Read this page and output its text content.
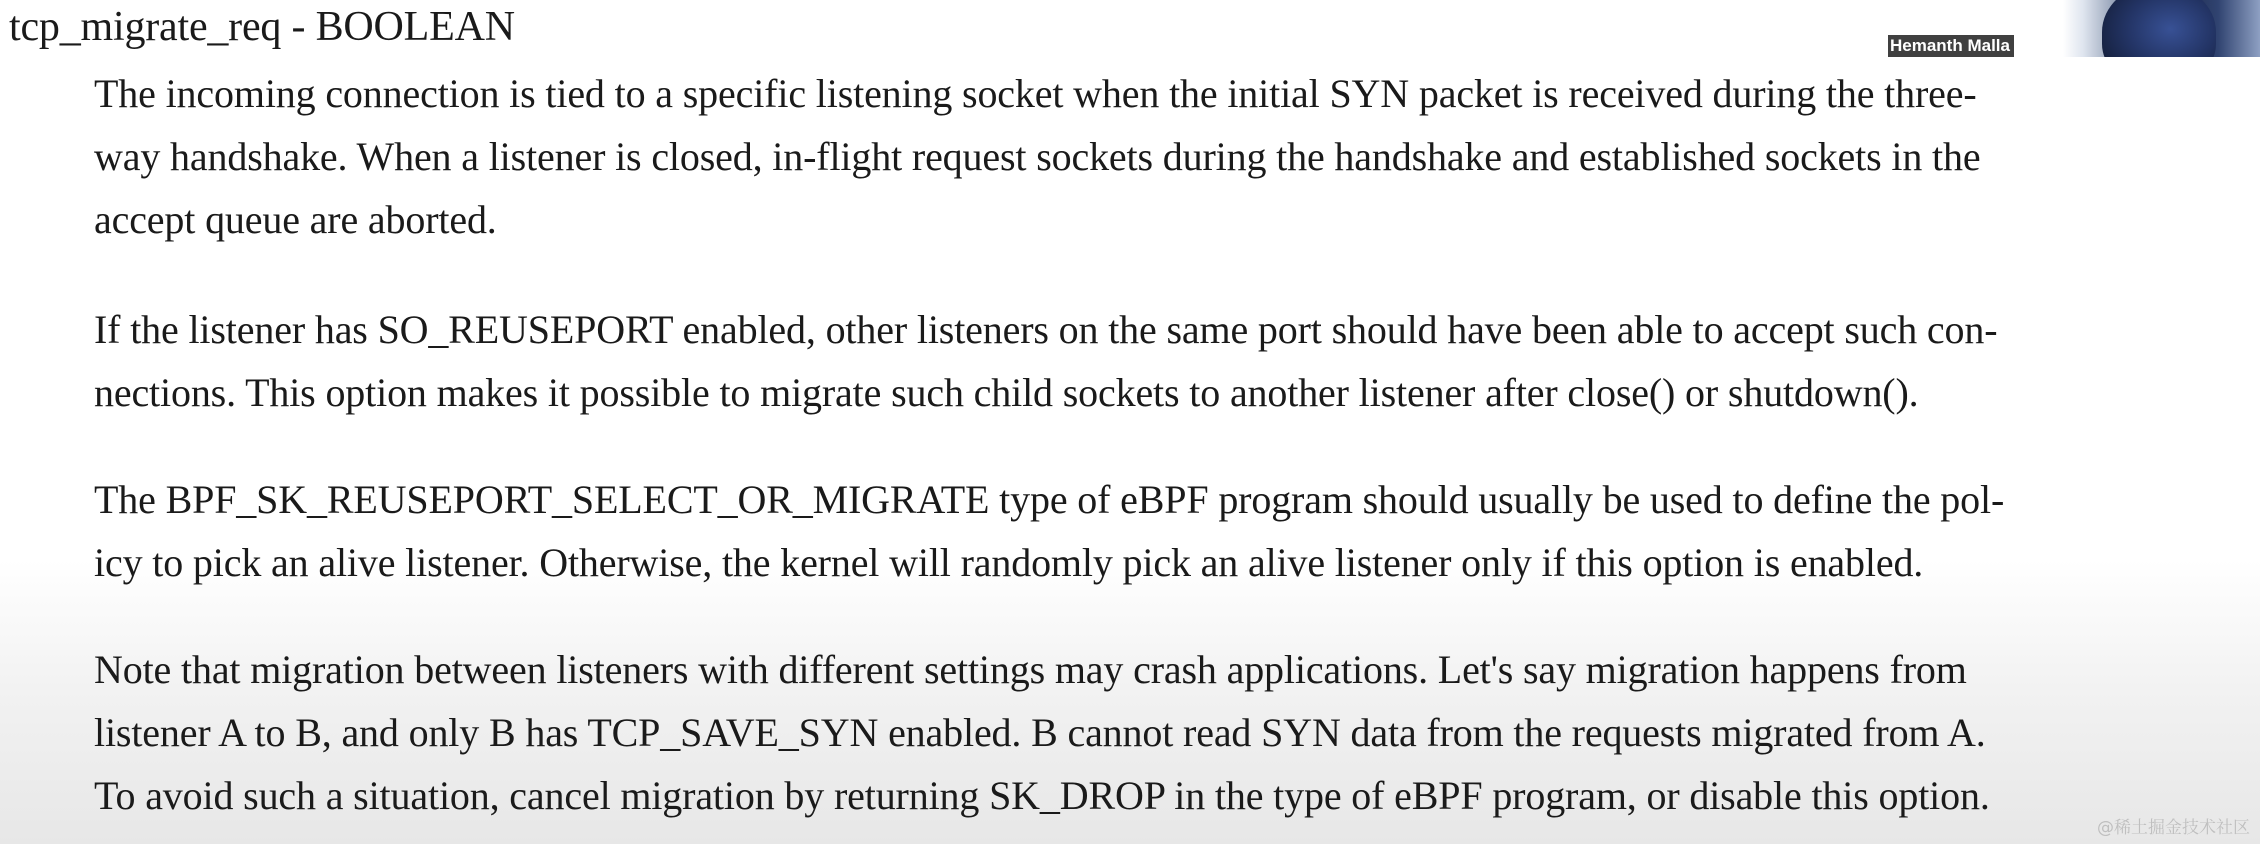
tcp_migrate_req - BOOLEAN

The incoming connection is tied to a specific listening socket when the initial SYN packet is received during the three-
way handshake. When a listener is closed, in-flight request sockets during the handshake and established sockets in the
accept queue are aborted.

If the listener has SO_REUSEPORT enabled, other listeners on the same port should have been able to accept such con-
nections. This option makes it possible to migrate such child sockets to another listener after close() or shutdown().

The BPF_SK_REUSEPORT_SELECT_OR_MIGRATE type of eBPF program should usually be used to define the pol-
icy to pick an alive listener. Otherwise, the kernel will randomly pick an alive listener only if this option is enabled.

Note that migration between listeners with different settings may crash applications. Let's say migration happens from
listener A to B, and only B has TCP_SAVE_SYN enabled. B cannot read SYN data from the requests migrated from A.
To avoid such a situation, cancel migration by returning SK_DROP in the type of eBPF program, or disable this option.

Hemanth Malla
@稀土掘金技术社区
